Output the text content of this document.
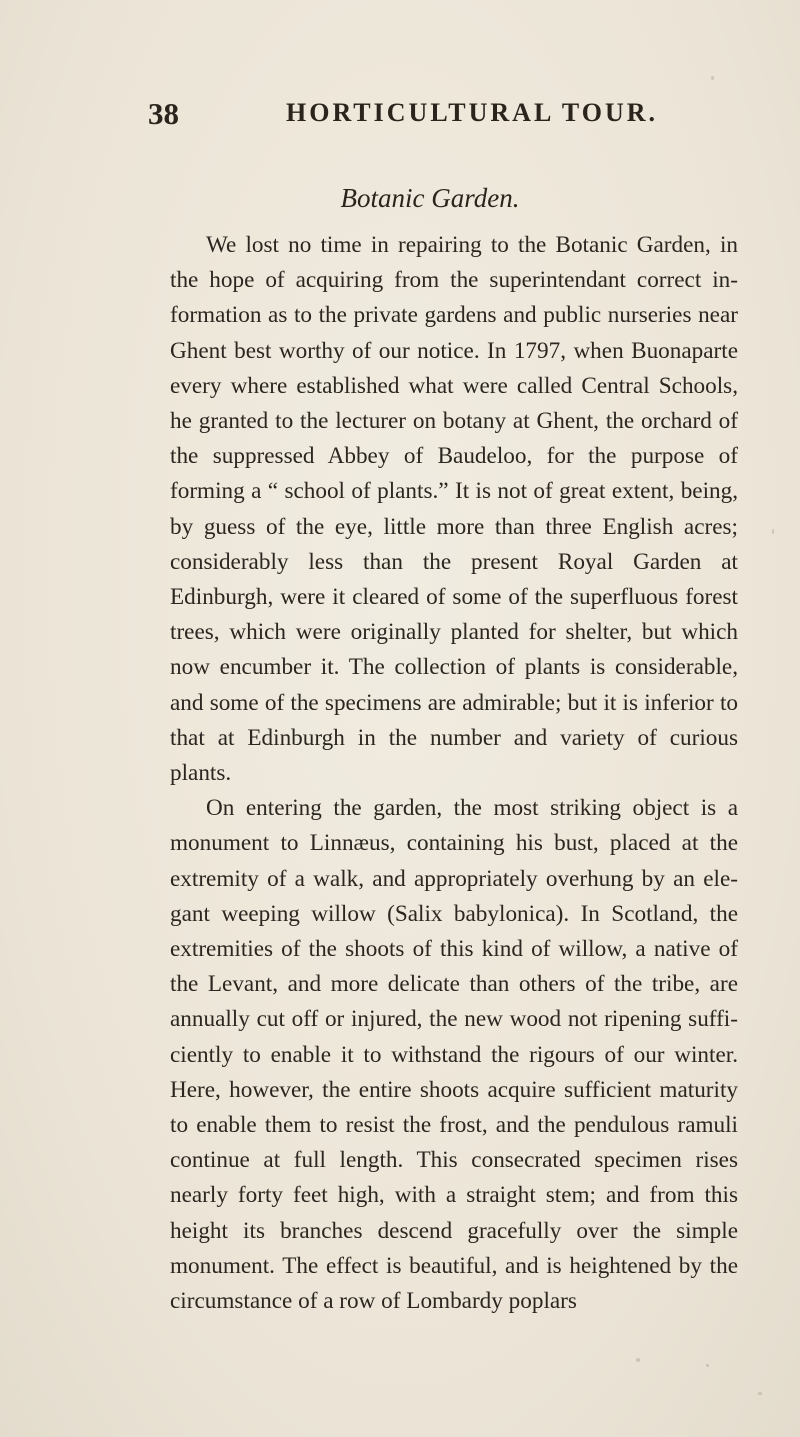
38	HORTICULTURAL TOUR.
Botanic Garden.

We lost no time in repairing to the Botanic Garden, in the hope of acquiring from the superintendant correct information as to the private gardens and public nurseries near Ghent best worthy of our notice. In 1797, when Buonaparte every where established what were called Central Schools, he granted to the lecturer on botany at Ghent, the orchard of the suppressed Abbey of Baudeloo, for the purpose of forming a “ school of plants.” It is not of great extent, being, by guess of the eye, little more than three English acres; considerably less than the present Royal Garden at Edinburgh, were it cleared of some of the superfluous forest trees, which were originally planted for shelter, but which now encumber it. The collection of plants is considerable, and some of the specimens are admirable; but it is inferior to that at Edinburgh in the number and variety of curious plants.

On entering the garden, the most striking object is a monument to Linnæus, containing his bust, placed at the extremity of a walk, and appropriately overhung by an elegant weeping willow (Salix babylonica). In Scotland, the extremities of the shoots of this kind of willow, a native of the Levant, and more delicate than others of the tribe, are annually cut off or injured, the new wood not ripening sufficiently to enable it to withstand the rigours of our winter. Here, however, the entire shoots acquire sufficient maturity to enable them to resist the frost, and the pendulous ramuli continue at full length. This consecrated specimen rises nearly forty feet high, with a straight stem; and from this height its branches descend gracefully over the simple monument. The effect is beautiful, and is heightened by the circumstance of a row of Lombardy poplars
